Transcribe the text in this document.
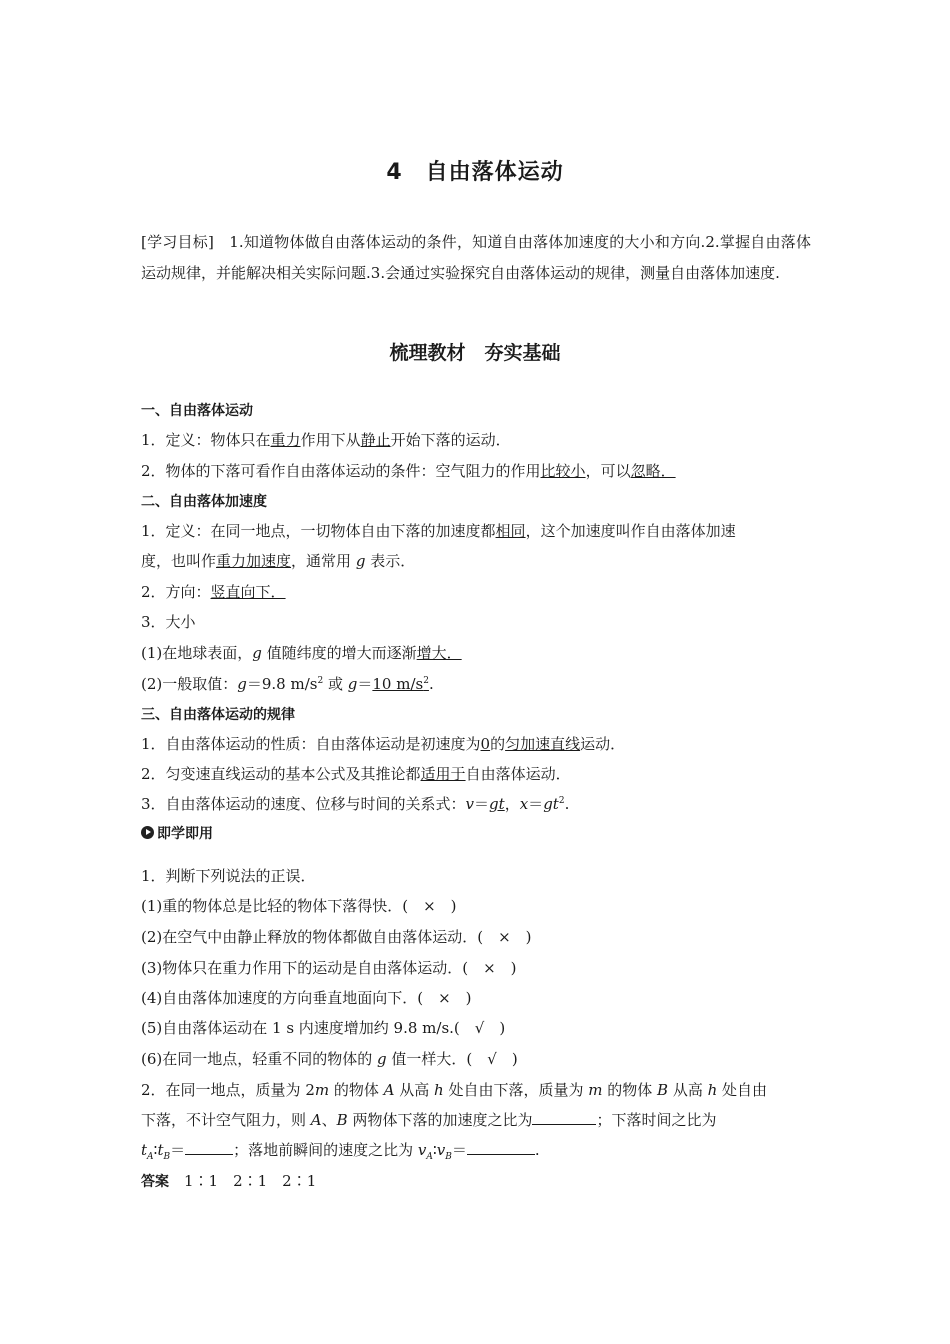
4　自由落体运动
[学习目标]　1.知道物体做自由落体运动的条件，知道自由落体加速度的大小和方向.2.掌握自由落体运动规律，并能解决相关实际问题.3.会通过实验探究自由落体运动的规律，测量自由落体加速度.
梳理教材　夯实基础
一、自由落体运动
1．定义：物体只在重力作用下从静止开始下落的运动．
2．物体的下落可看作自由落体运动的条件：空气阻力的作用比较小，可以忽略．
二、自由落体加速度
1．定义：在同一地点，一切物体自由下落的加速度都相同，这个加速度叫作自由落体加速
度，也叫作重力加速度，通常用 g 表示．
2．方向：竖直向下．
3．大小
(1)在地球表面，g 值随纬度的增大而逐渐增大．
(2)一般取值：g＝9.8 $m/s^2$ 或 g＝10 $m/s^2$.
三、自由落体运动的规律
1．自由落体运动的性质：自由落体运动是初速度为0的匀加速直线运动．
2．匀变速直线运动的基本公式及其推论都适用于自由落体运动．
3．自由落体运动的速度、位移与时间的关系式：v＝gt，$x=gt^2$.
即学即用
1．判断下列说法的正误．
(1)重的物体总是比轻的物体下落得快．(　×　)
(2)在空气中由静止释放的物体都做自由落体运动．(　×　)
(3)物体只在重力作用下的运动是自由落体运动．(　×　)
(4)自由落体加速度的方向垂直地面向下．(　×　)
(5)自由落体运动在 1 s 内速度增加约 9.8 m/s.(　√　)
(6)在同一地点，轻重不同的物体的 g 值一样大．(　√　)
2．在同一地点，质量为 2m 的物体 A 从高 h 处自由下落，质量为 m 的物体 B 从高 h 处自由
下落，不计空气阻力，则 A、B 两物体下落的加速度之比为	；下落时间之比为
$t_A∶t_B=$	；落地前瞬间的速度之比为 $v_A∶v_B=$	.
答案　1∶1　2∶1　2∶1
